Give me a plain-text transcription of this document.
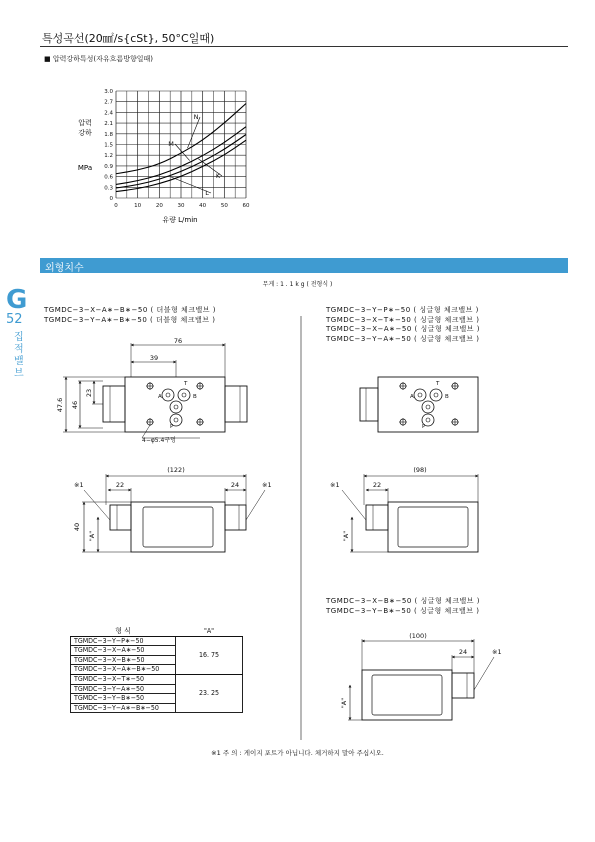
특성곡선(20㎟/s{cSt}, 50°C일때)
■ 압력강하특성(자유흐름방향일때)
0
0.3
0.6
0.9
1.2
1.5
1.8
2.1
2.4
2.7
3.0
0	10	20	30	40	50	60
N
M
K
L
압력
강하
MPa
유량 L/min
외형치수
G
52
집적밸브
무게 : 1 . 1 k g ( 전형식 )
TGMDC−3−X−A∗−B∗−50 ( 더블형 체크밸브 )
TGMDC−3−Y−A∗−B∗−50 ( 더블형 체크밸브 )
TGMDC−3−Y−P∗−50 ( 싱글형 체크밸브 )
TGMDC−3−X−T∗−50 ( 싱글형 체크밸브 )
TGMDC−3−X−A∗−50 ( 싱글형 체크밸브 )
TGMDC−3−Y−A∗−50 ( 싱글형 체크밸브 )
TGMDC−3−X−B∗−50 ( 싱글형 체크밸브 )
TGMDC−3−Y−B∗−50 ( 싱글형 체크밸브 )
76
39
47.6 46
23
4−φ5.4구멍
T
A	B
P
(122)
22	24
※1	※1
40
"A"
T
A	B
P
(98)
22
※1
"A"
(100)
24	※1
"A"
형 식	"A"
TGMDC−3−Y−P∗−50	16. 75
TGMDC−3−X−A∗−50	
TGMDC−3−X−B∗−50	
TGMDC−3−X−A∗−B∗−50	
TGMDC−3−X−T∗−50	23. 25
TGMDC−3−Y−A∗−50	
TGMDC−3−Y−B∗−50	
TGMDC−3−Y−A∗−B∗−50	
※1 주 의 : 게이지 포트가 아닙니다. 체거하지 말아 주십시오.
